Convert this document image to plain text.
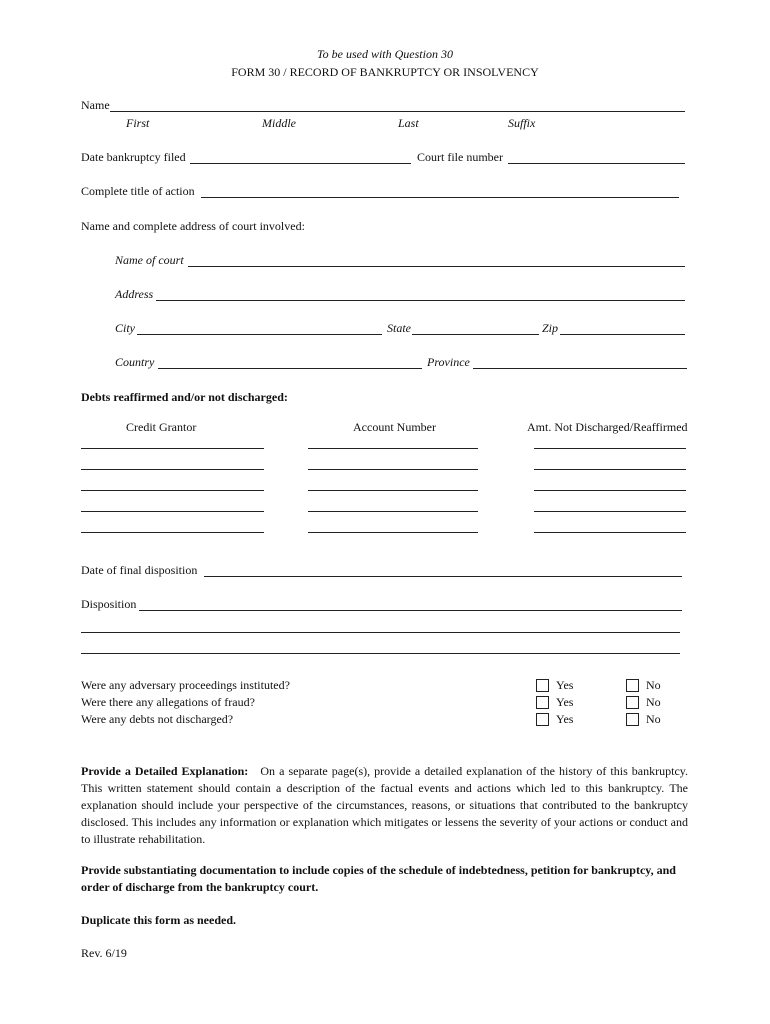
To be used with Question 30
FORM 30 / RECORD OF BANKRUPTCY OR INSOLVENCY
Name
First	Middle	Last	Suffix
Date bankruptcy filed	Court file number
Complete title of action
Name and complete address of court involved:
Name of court
Address
City	State	Zip
Country	Province
Debts reaffirmed and/or not discharged:
Credit Grantor	Account Number	Amt. Not Discharged/Reaffirmed
Date of final disposition
Disposition
Were any adversary proceedings instituted?	Yes	No
Were there any allegations of fraud?	Yes	No
Were any debts not discharged?	Yes	No
Provide a Detailed Explanation: On a separate page(s), provide a detailed explanation of the history of this bankruptcy. This written statement should contain a description of the factual events and actions which led to this bankruptcy. The explanation should include your perspective of the circumstances, reasons, or situations that contributed to the bankruptcy disclosed. This includes any information or explanation which mitigates or lessens the severity of your actions or conduct and to illustrate rehabilitation.
Provide substantiating documentation to include copies of the schedule of indebtedness, petition for bankruptcy, and order of discharge from the bankruptcy court.
Duplicate this form as needed.
Rev. 6/19
